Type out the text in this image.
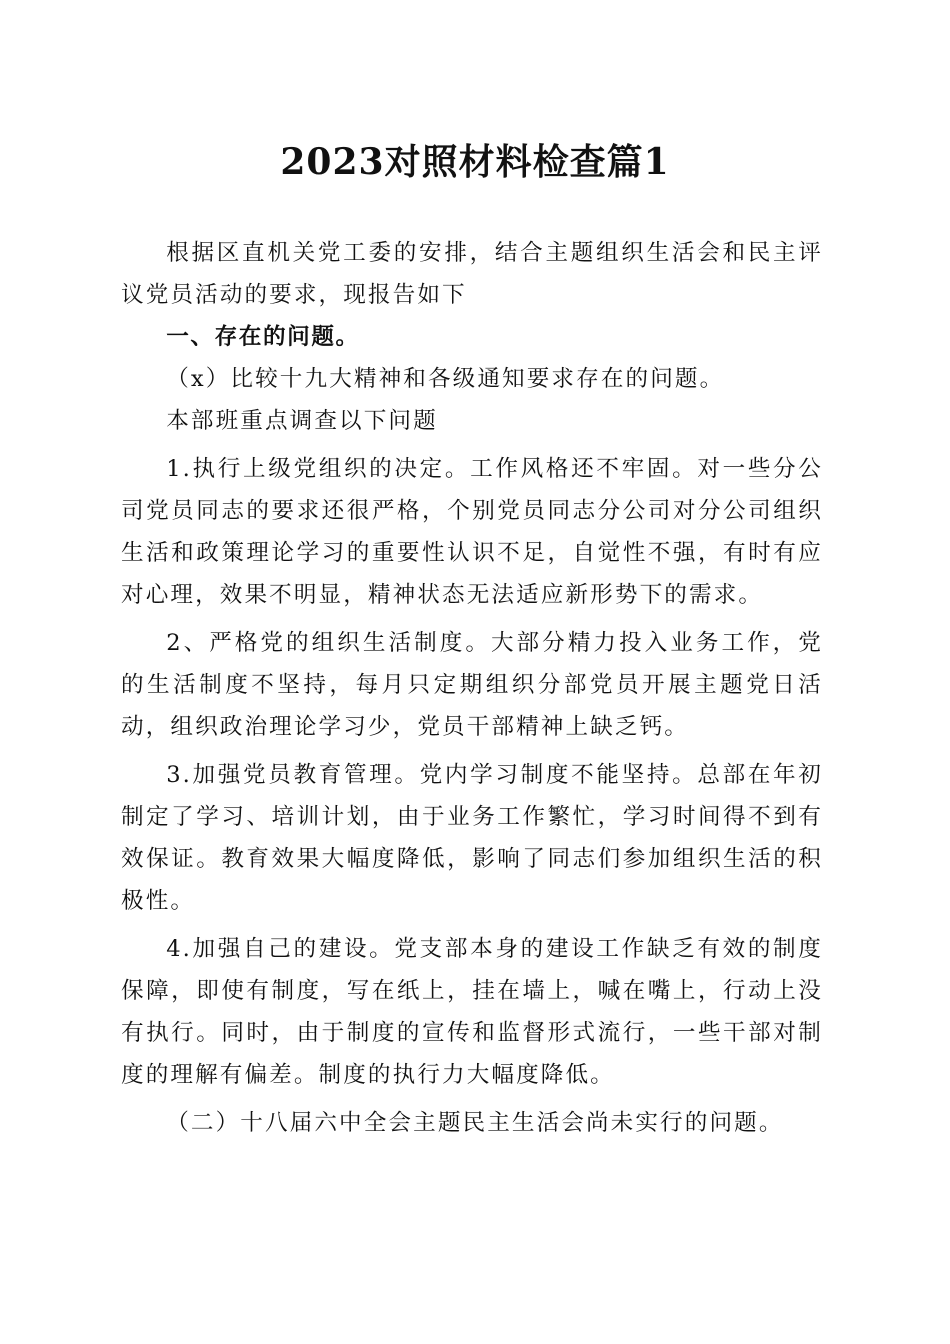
2023对照材料检查篇1

根据区直机关党工委的安排，结合主题组织生活会和民主评议党员活动的要求，现报告如下

一、存在的问题。

（x）比较十九大精神和各级通知要求存在的问题。

本部班重点调查以下问题

1.执行上级党组织的决定。工作风格还不牢固。对一些分公司党员同志的要求还很严格，个别党员同志分公司对分公司组织生活和政策理论学习的重要性认识不足，自觉性不强，有时有应对心理，效果不明显，精神状态无法适应新形势下的需求。

2、严格党的组织生活制度。大部分精力投入业务工作，党的生活制度不坚持，每月只定期组织分部党员开展主题党日活动，组织政治理论学习少，党员干部精神上缺乏钙。

3.加强党员教育管理。党内学习制度不能坚持。总部在年初制定了学习、培训计划，由于业务工作繁忙，学习时间得不到有效保证。教育效果大幅度降低，影响了同志们参加组织生活的积极性。

4.加强自己的建设。党支部本身的建设工作缺乏有效的制度保障，即使有制度，写在纸上，挂在墙上，喊在嘴上，行动上没有执行。同时，由于制度的宣传和监督形式流行，一些干部对制度的理解有偏差。制度的执行力大幅度降低。

（二）十八届六中全会主题民主生活会尚未实行的问题。
